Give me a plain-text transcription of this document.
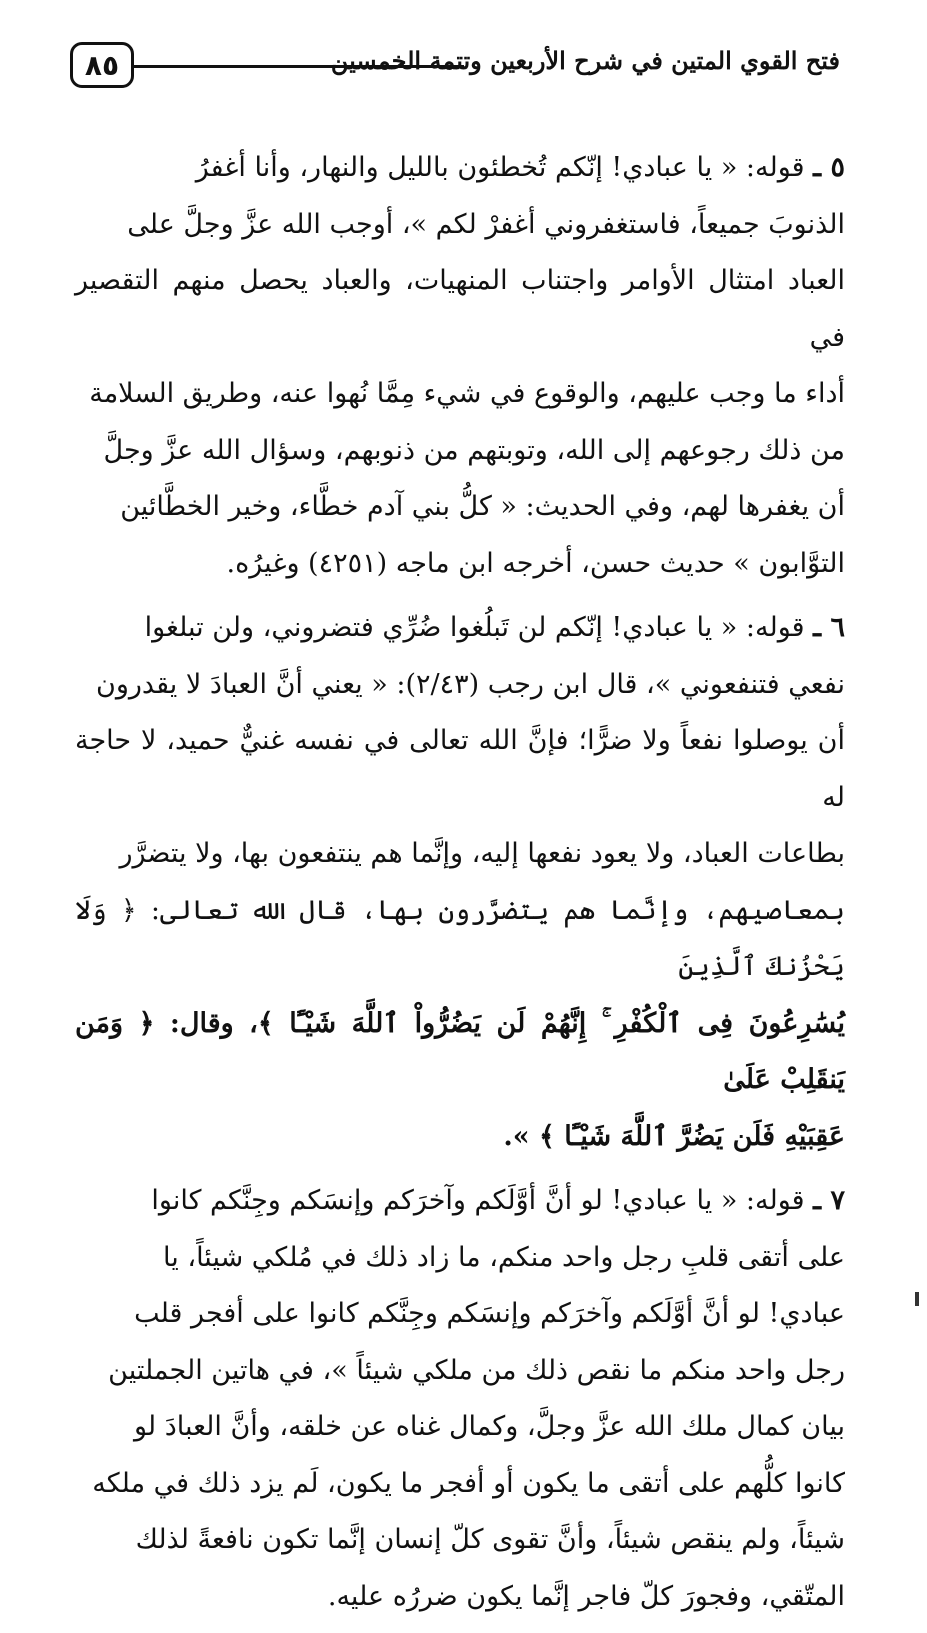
٨٥	فتح القوي المتين في شرح الأربعين وتتمة الخمسين

٥ ـ قوله: « يا عبادي! إنّكم تُخطئون بالليل والنهار، وأنا أغفرُ

الذنوبَ جميعاً، فاستغفروني أغفرْ لكم »، أوجب الله عزَّ وجلَّ على

العباد امتثال الأوامر واجتناب المنهيات، والعباد يحصل منهم التقصير في

أداء ما وجب عليهم، والوقوع في شيء مِمَّا نُهوا عنه، وطريق السلامة

من ذلك رجوعهم إلى الله، وتوبتهم من ذنوبهم، وسؤال الله عزَّ وجلَّ

أن يغفرها لهم، وفي الحديث: « كلُّ بني آدم خطَّاء، وخير الخطَّائين

التوَّابون » حديث حسن، أخرجه ابن ماجه (٤٢٥١) وغيرُه.

٦ ـ قوله: « يا عبادي! إنّكم لن تَبلُغوا ضُرِّي فتضروني، ولن تبلغوا

نفعي فتنفعوني »، قال ابن رجب (٢/٤٣): « يعني أنَّ العبادَ لا يقدرون

أن يوصلوا نفعاً ولا ضرًّا؛ فإنَّ الله تعالى في نفسه غنيٌّ حميد، لا حاجة له

بطاعات العباد، ولا يعود نفعها إليه، وإنَّما هم ينتفعون بها، ولا يتضرَّر

بمعاصيهم، وإنَّما هم يتضرَّرون بها، قال الله تعالى: ﴿ وَلَا يَحْزُنكَ ٱلَّذِينَ

يُسَٰرِعُونَ فِى ٱلْكُفْرِ ۚ إِنَّهُمْ لَن يَضُرُّواْ ٱللَّهَ شَيْـًٔا ﴾، وقال: ﴿ وَمَن يَنقَلِبْ عَلَىٰ

عَقِبَيْهِ فَلَن يَضُرَّ ٱللَّهَ شَيْـًٔا ﴾ ».

٧ ـ قوله: « يا عبادي! لو أنَّ أوَّلَكم وآخرَكم وإنسَكم وجِنَّكم كانوا

على أتقى قلبِ رجل واحد منكم، ما زاد ذلك في مُلكي شيئاً، يا

عبادي! لو أنَّ أوَّلَكم وآخرَكم وإنسَكم وجِنَّكم كانوا على أفجر قلب

رجل واحد منكم ما نقص ذلك من ملكي شيئاً »، في هاتين الجملتين

بيان كمال ملك الله عزَّ وجلَّ، وكمال غناه عن خلقه، وأنَّ العبادَ لو

كانوا كلُّهم على أتقى ما يكون أو أفجر ما يكون، لَم يزد ذلك في ملكه

شيئاً، ولم ينقص شيئاً، وأنَّ تقوى كلّ إنسان إنَّما تكون نافعةً لذلك

المتّقي، وفجورَ كلّ فاجر إنَّما يكون ضررُه عليه.
